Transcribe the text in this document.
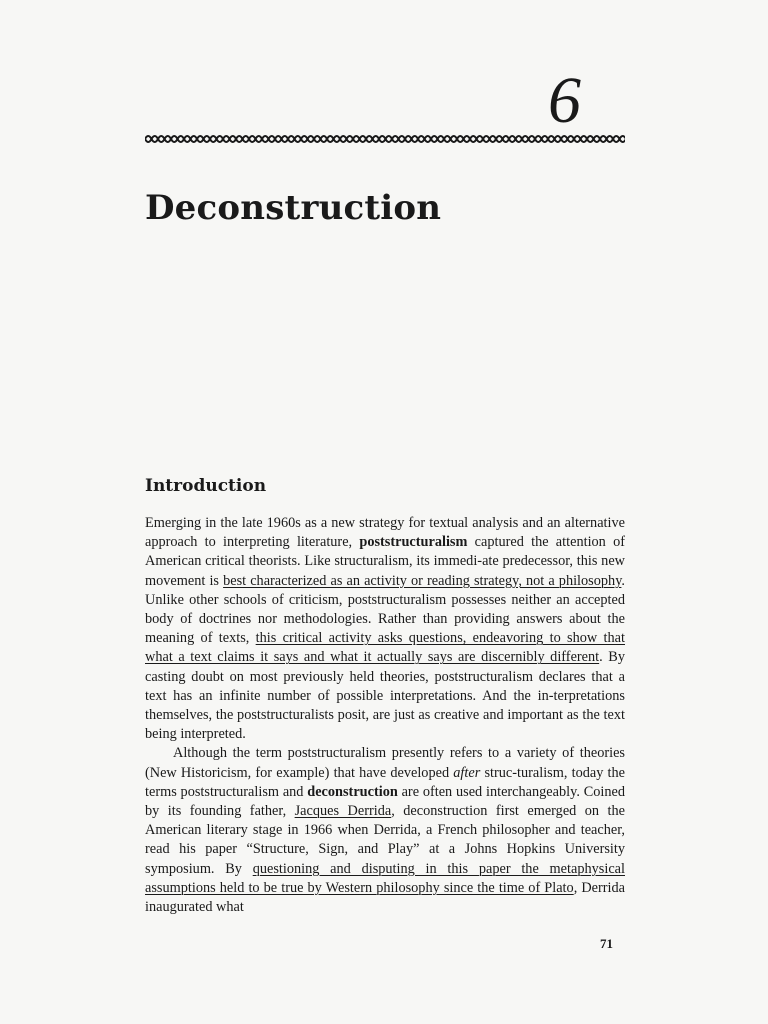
6
Deconstruction
Introduction

Emerging in the late 1960s as a new strategy for textual analysis and an alternative approach to interpreting literature, poststructuralism captured the attention of American critical theorists. Like structuralism, its immedi-ate predecessor, this new movement is best characterized as an activity or reading strategy, not a philosophy. Unlike other schools of criticism, poststructuralism possesses neither an accepted body of doctrines nor methodologies. Rather than providing answers about the meaning of texts, this critical activity asks questions, endeavoring to show that what a text claims it says and what it actually says are discernibly different. By casting doubt on most previously held theories, poststructuralism declares that a text has an infinite number of possible interpretations. And the in-terpretations themselves, the poststructuralists posit, are just as creative and important as the text being interpreted.

Although the term poststructuralism presently refers to a variety of theories (New Historicism, for example) that have developed after struc-turalism, today the terms poststructuralism and deconstruction are often used interchangeably. Coined by its founding father, Jacques Derrida, deconstruction first emerged on the American literary stage in 1966 when Derrida, a French philosopher and teacher, read his paper “Structure, Sign, and Play” at a Johns Hopkins University symposium. By questioning and disputing in this paper the metaphysical assumptions held to be true by Western philosophy since the time of Plato, Derrida inaugurated what

71
